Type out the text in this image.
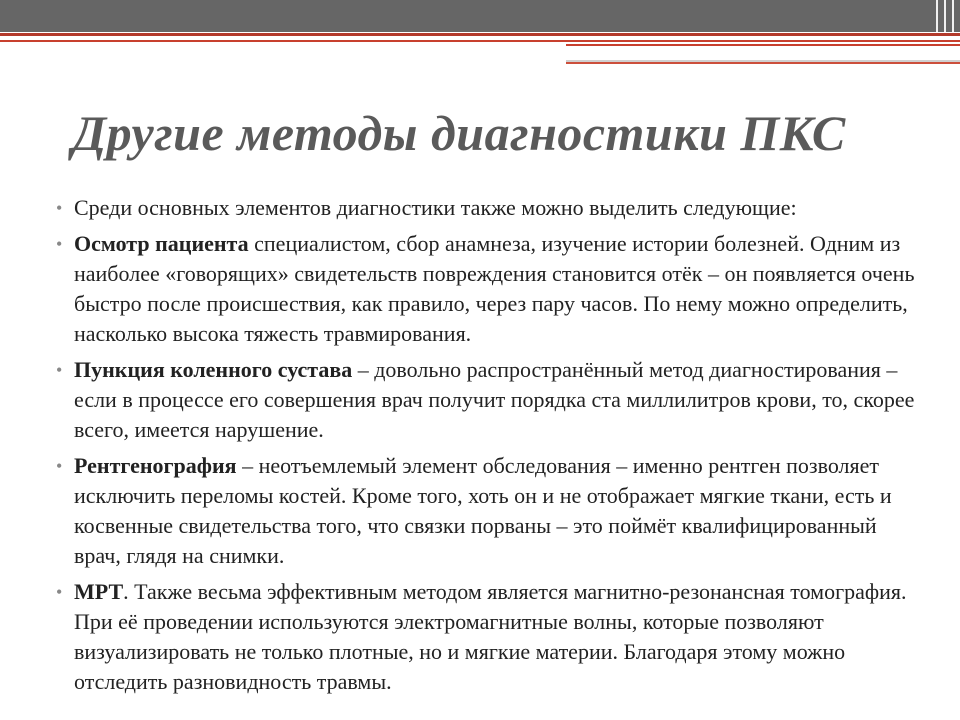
Другие методы диагностики ПКС
• Среди основных элементов диагностики также можно выделить следующие:
• Осмотр пациента специалистом, сбор анамнеза, изучение истории болезней. Одним из наиболее «говорящих» свидетельств повреждения становится отёк – он появляется очень быстро после происшествия, как правило, через пару часов. По нему можно определить, насколько высока тяжесть травмирования.
• Пункция коленного сустава – довольно распространённый метод диагностирования – если в процессе его совершения врач получит порядка ста миллилитров крови, то, скорее всего, имеется нарушение.
• Рентгенография – неотъемлемый элемент обследования – именно рентген позволяет исключить переломы костей. Кроме того, хоть он и не отображает мягкие ткани, есть и косвенные свидетельства того, что связки порваны – это поймёт квалифицированный врач, глядя на снимки.
• МРТ. Также весьма эффективным методом является магнитно-резонансная томография. При её проведении используются электромагнитные волны, которые позволяют визуализировать не только плотные, но и мягкие материи. Благодаря этому можно отследить разновидность травмы.
